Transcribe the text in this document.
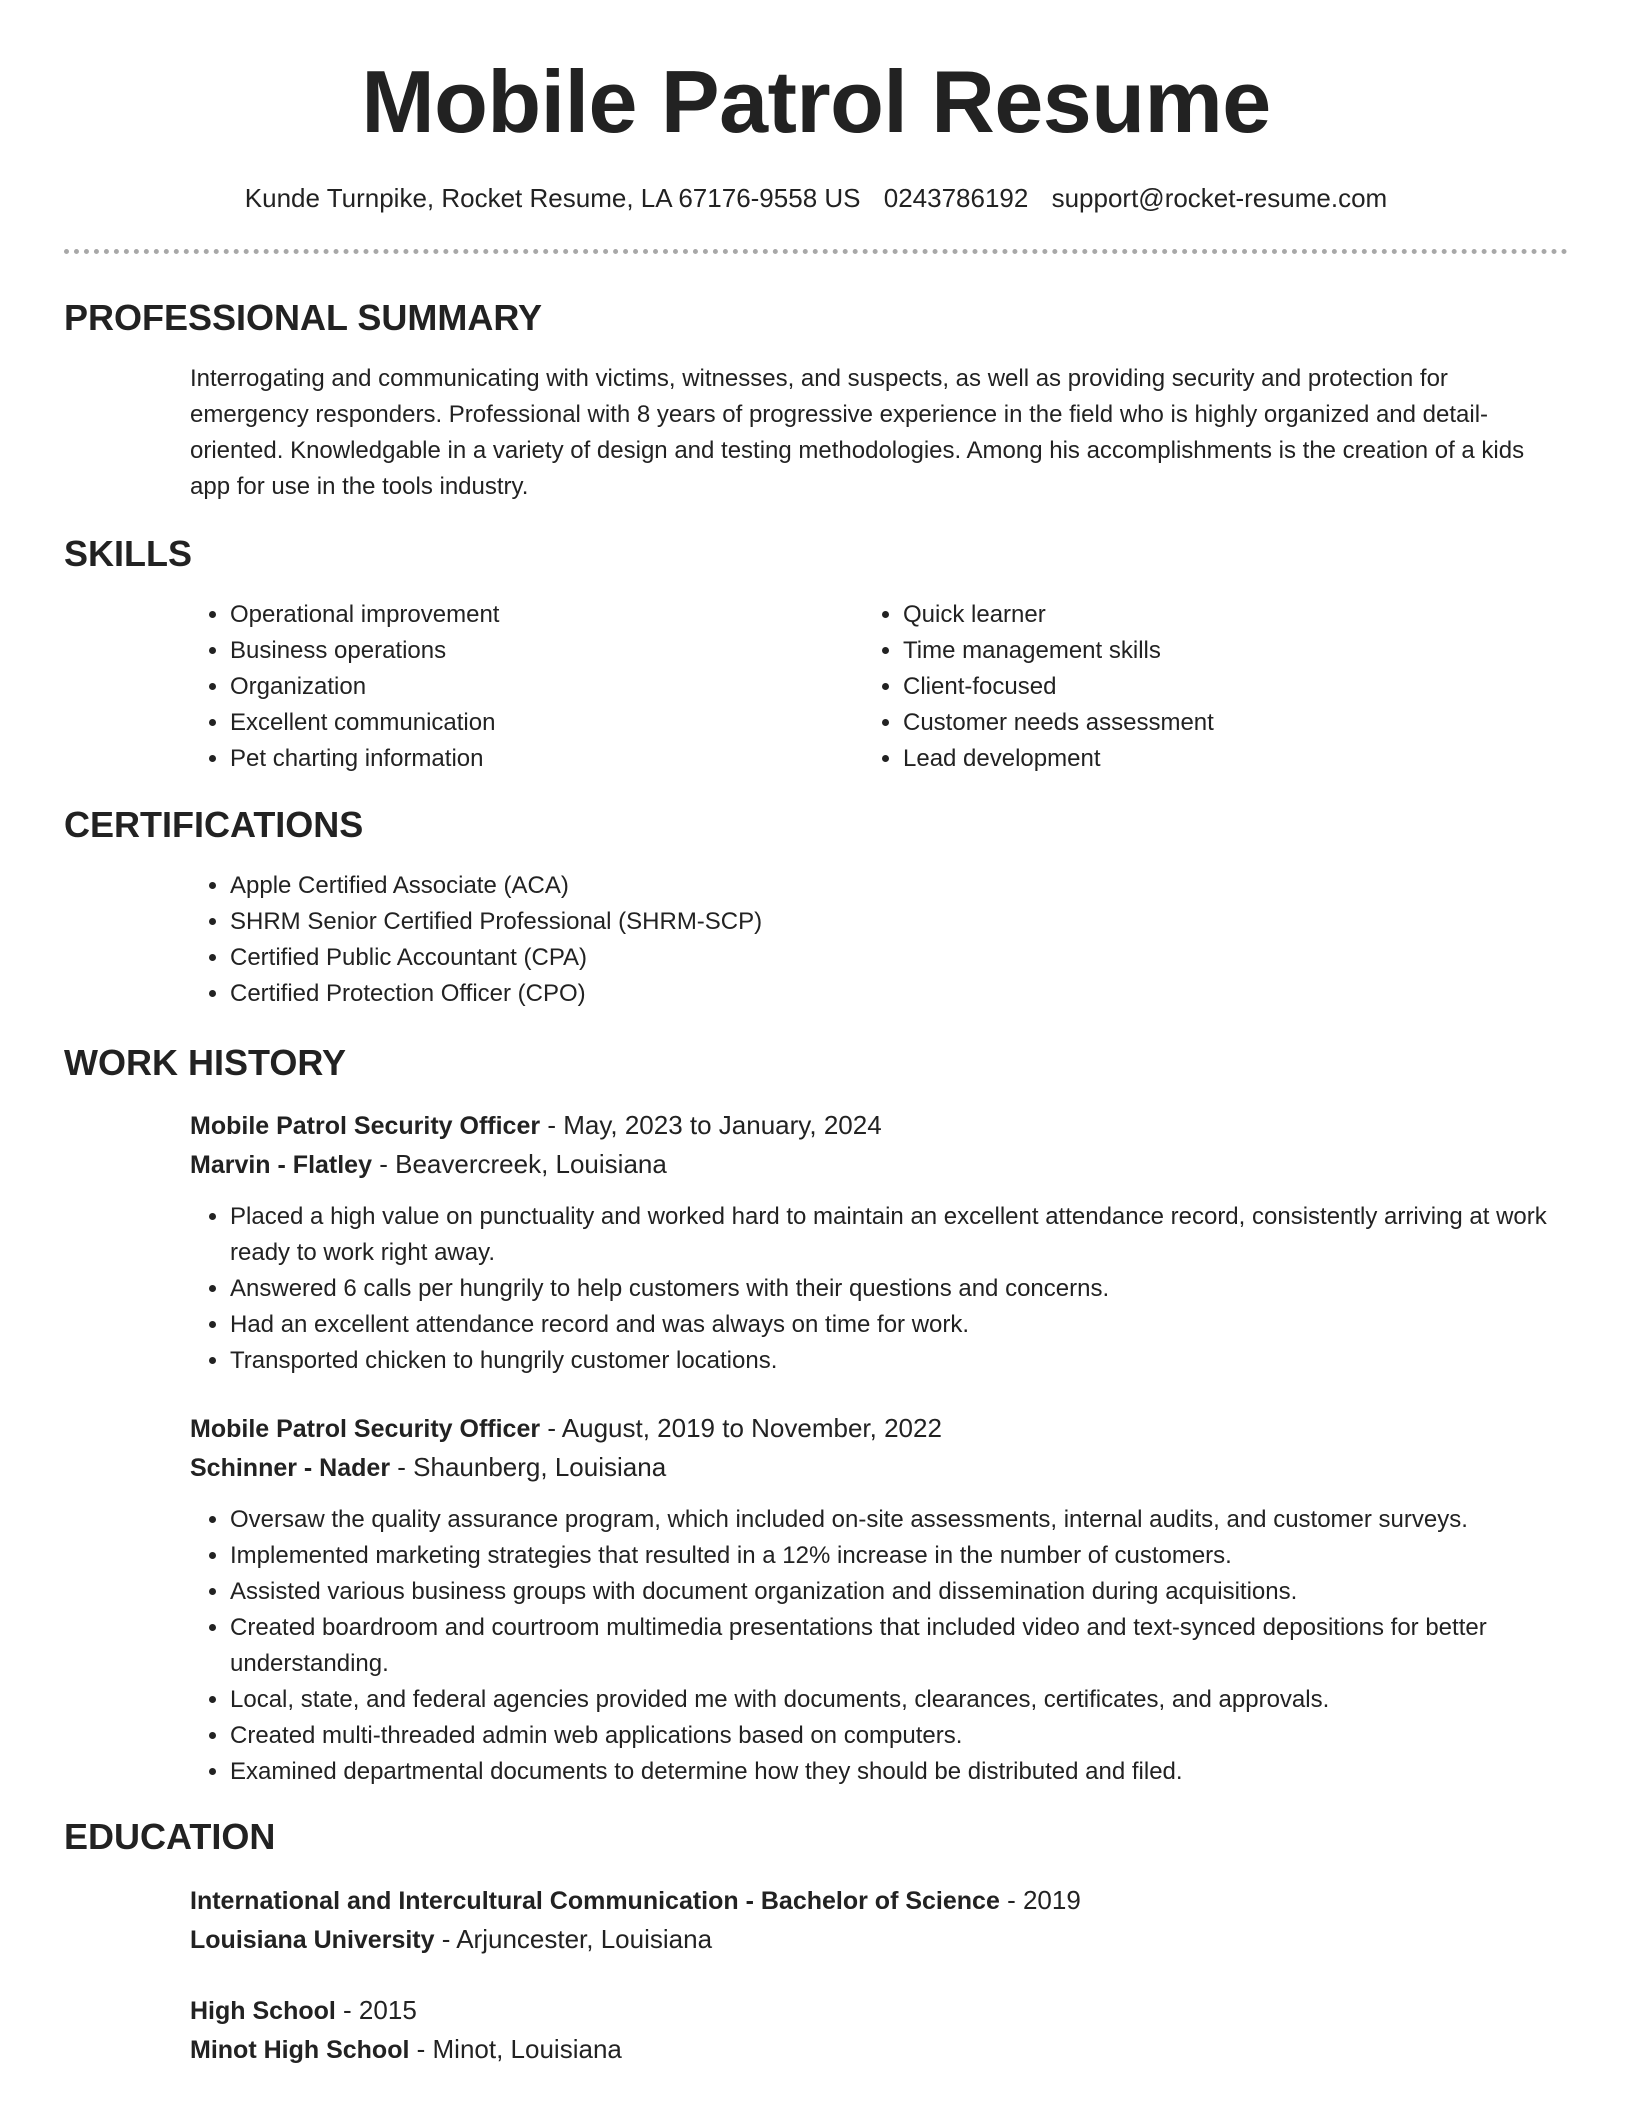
Mobile Patrol Resume
Kunde Turnpike, Rocket Resume, LA 67176-9558 US 0243786192 support@rocket-resume.com
PROFESSIONAL SUMMARY

Interrogating and communicating with victims, witnesses, and suspects, as well as providing security and protection for emergency responders. Professional with 8 years of progressive experience in the field who is highly organized and detail-oriented. Knowledgable in a variety of design and testing methodologies. Among his accomplishments is the creation of a kids app for use in the tools industry.

SKILLS
• Operational improvement
• Business operations
• Organization
• Excellent communication
• Pet charting information
• Quick learner
• Time management skills
• Client-focused
• Customer needs assessment
• Lead development
CERTIFICATIONS
• Apple Certified Associate (ACA)
• SHRM Senior Certified Professional (SHRM-SCP)
• Certified Public Accountant (CPA)
• Certified Protection Officer (CPO)
WORK HISTORY

Mobile Patrol Security Officer - May, 2023 to January, 2024

Marvin - Flatley - Beavercreek, Louisiana

• Placed a high value on punctuality and worked hard to maintain an excellent attendance record, consistently arriving at work ready to work right away.
• Answered 6 calls per hungrily to help customers with their questions and concerns.
• Had an excellent attendance record and was always on time for work.
• Transported chicken to hungrily customer locations.

Mobile Patrol Security Officer - August, 2019 to November, 2022

Schinner - Nader - Shaunberg, Louisiana

• Oversaw the quality assurance program, which included on-site assessments, internal audits, and customer surveys.
• Implemented marketing strategies that resulted in a 12% increase in the number of customers.
• Assisted various business groups with document organization and dissemination during acquisitions.
• Created boardroom and courtroom multimedia presentations that included video and text-synced depositions for better understanding.
• Local, state, and federal agencies provided me with documents, clearances, certificates, and approvals.
• Created multi-threaded admin web applications based on computers.
• Examined departmental documents to determine how they should be distributed and filed.
EDUCATION

International and Intercultural Communication - Bachelor of Science - 2019

Louisiana University - Arjuncester, Louisiana

High School - 2015

Minot High School - Minot, Louisiana
